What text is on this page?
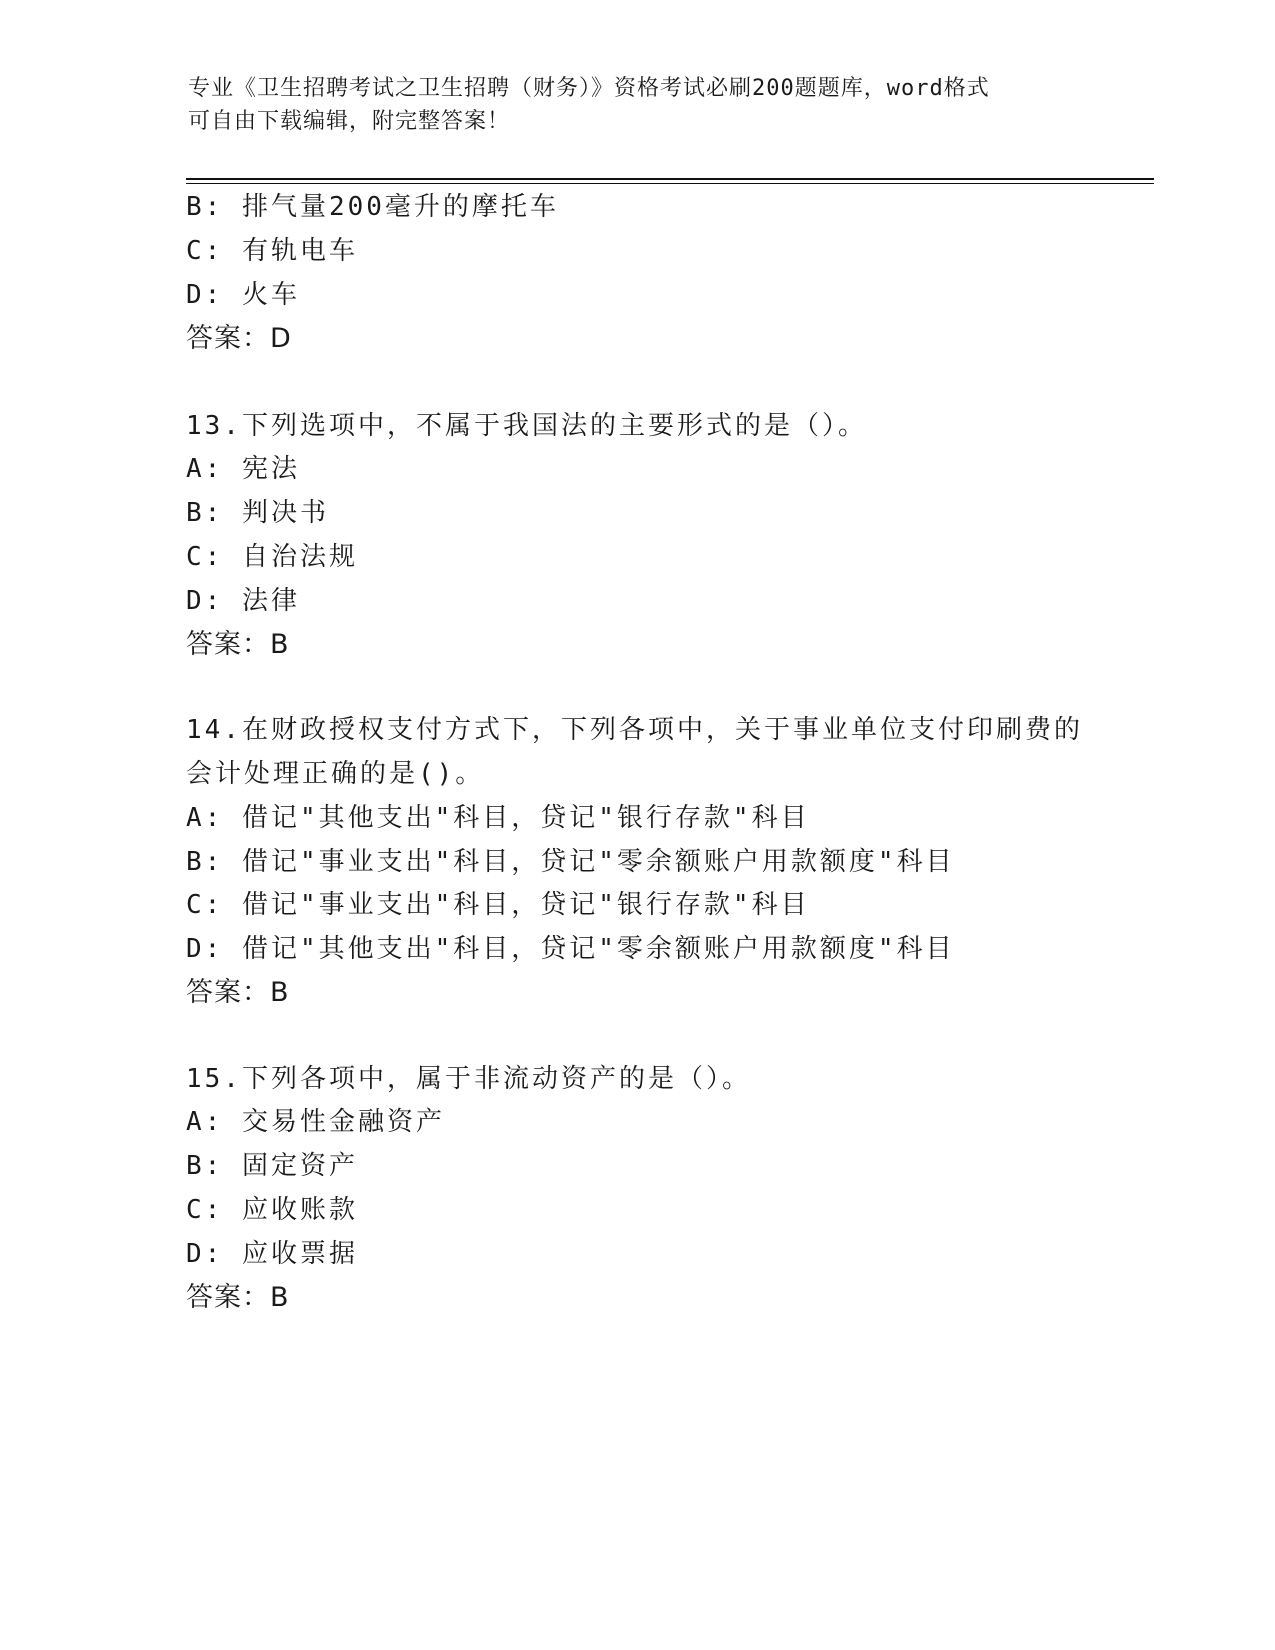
专业《卫生招聘考试之卫生招聘（财务）》资格考试必刷200题题库，word格式
可自由下载编辑，附完整答案！
B: 排气量200毫升的摩托车
C: 有轨电车
D: 火车
答案：D
13.下列选项中，不属于我国法的主要形式的是（）。
A: 宪法
B: 判决书
C: 自治法规
D: 法律
答案：B
14.在财政授权支付方式下，下列各项中，关于事业单位支付印刷费的
会计处理正确的是()。
A: 借记"其他支出"科目，贷记"银行存款"科目
B: 借记"事业支出"科目，贷记"零余额账户用款额度"科目
C: 借记"事业支出"科目，贷记"银行存款"科目
D: 借记"其他支出"科目，贷记"零余额账户用款额度"科目
答案：B
15.下列各项中，属于非流动资产的是（）。
A: 交易性金融资产
B: 固定资产
C: 应收账款
D: 应收票据
答案：B
